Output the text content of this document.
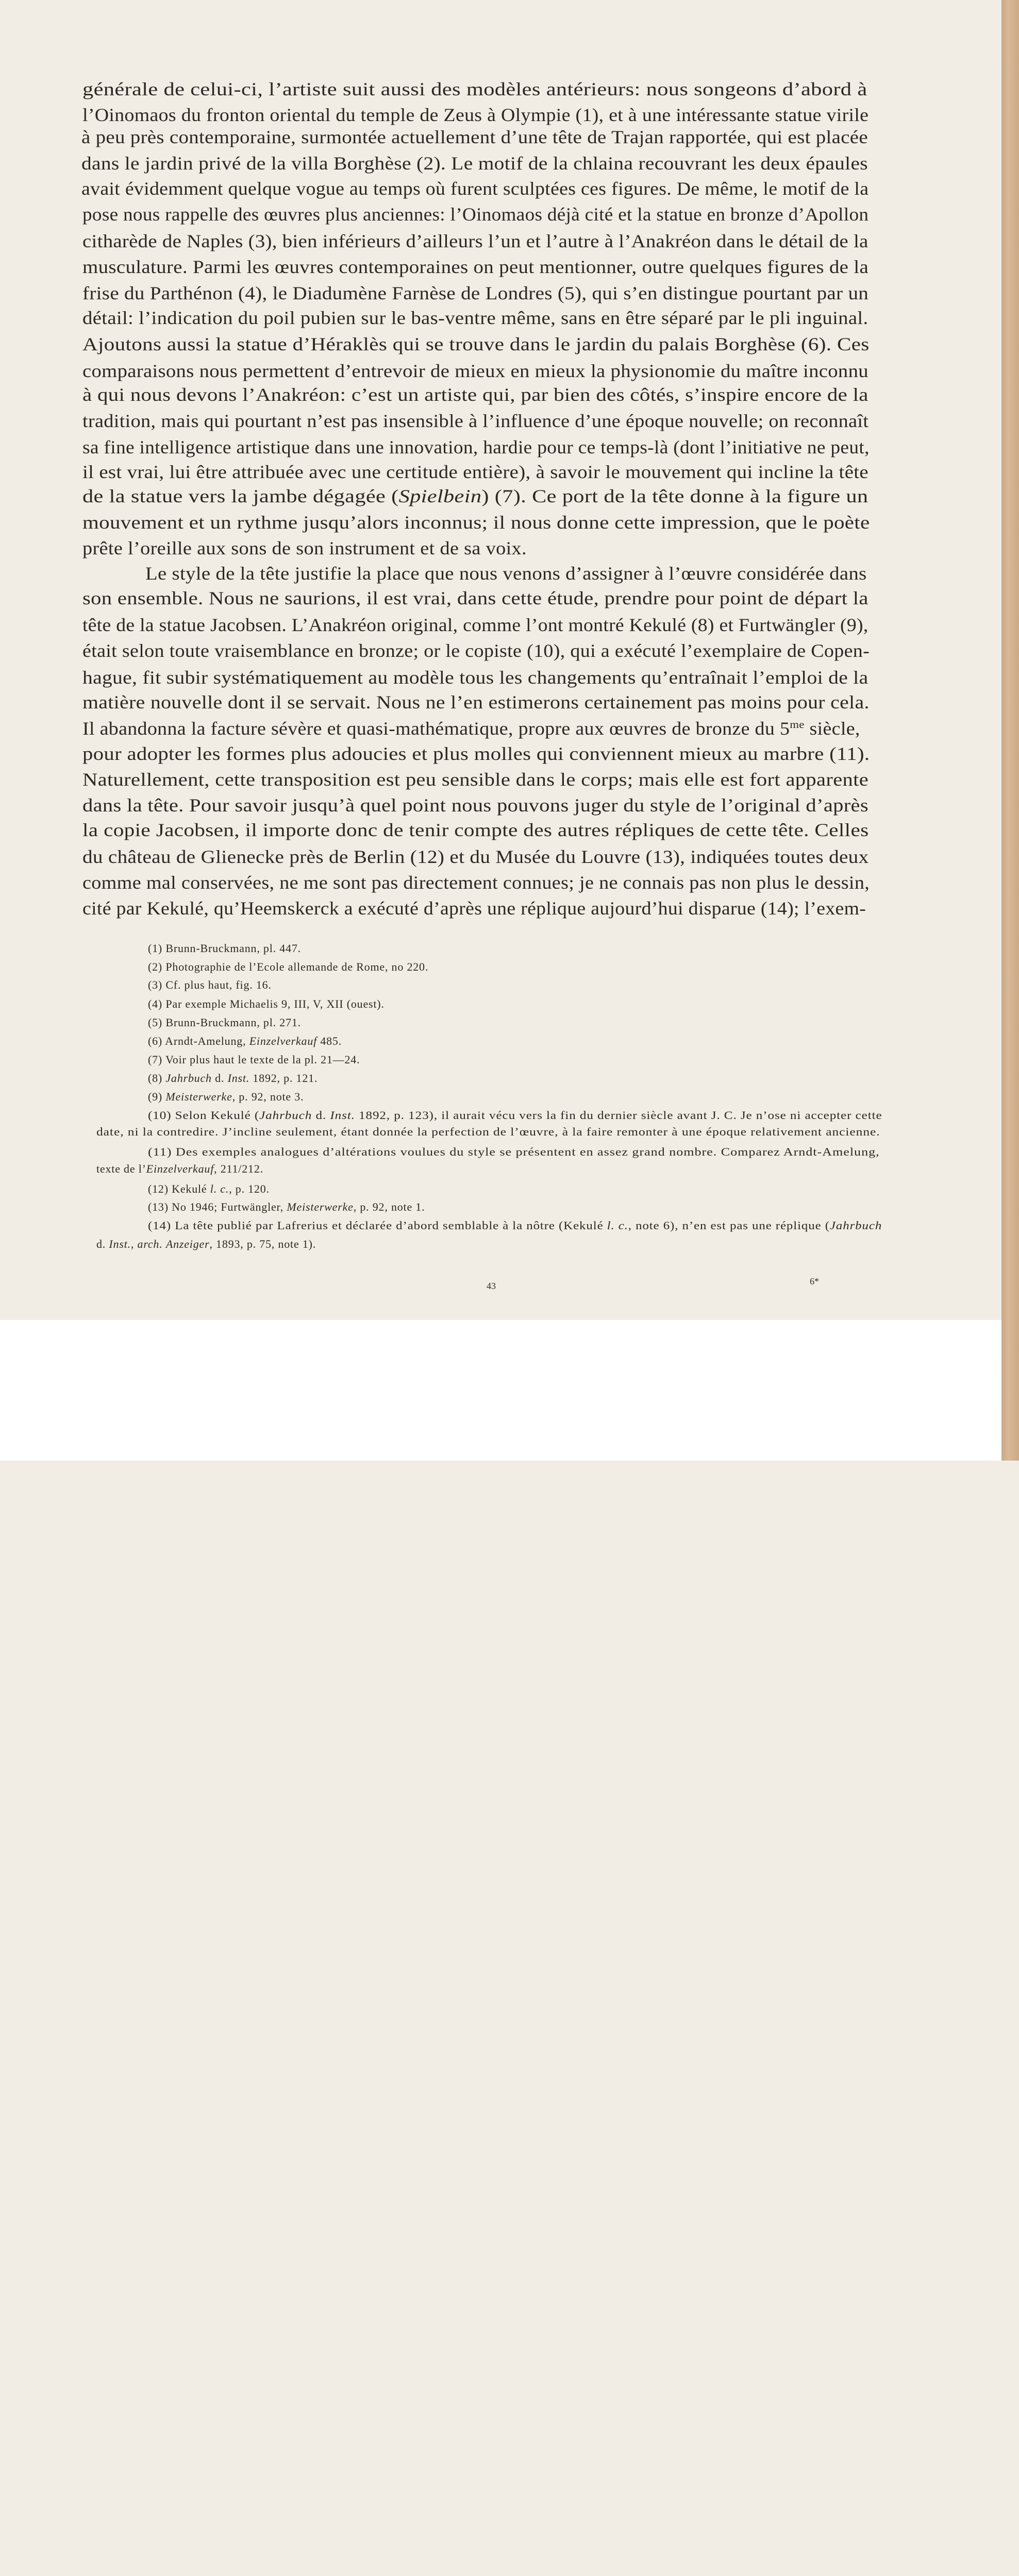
générale de celui-ci, l’artiste suit aussi des modèles antérieurs: nous songeons d’abord à
l’Oinomaos du fronton oriental du temple de Zeus à Olympie (1), et à une intéressante statue virile
à peu près contemporaine, surmontée actuellement d’une tête de Trajan rapportée, qui est placée
dans le jardin privé de la villa Borghèse (2). Le motif de la chlaina recouvrant les deux épaules
avait évidemment quelque vogue au temps où furent sculptées ces figures. De même, le motif de la
pose nous rappelle des œuvres plus anciennes: l’Oinomaos déjà cité et la statue en bronze d’Apollon
citharède de Naples (3), bien inférieurs d’ailleurs l’un et l’autre à l’Anakréon dans le détail de la
musculature. Parmi les œuvres contemporaines on peut mentionner, outre quelques figures de la
frise du Parthénon (4), le Diadumène Farnèse de Londres (5), qui s’en distingue pourtant par un
détail: l’indication du poil pubien sur le bas-ventre même, sans en être séparé par le pli inguinal.
Ajoutons aussi la statue d’Héraklès qui se trouve dans le jardin du palais Borghèse (6). Ces
comparaisons nous permettent d’entrevoir de mieux en mieux la physionomie du maître inconnu
à qui nous devons l’Anakréon: c’est un artiste qui, par bien des côtés, s’inspire encore de la
tradition, mais qui pourtant n’est pas insensible à l’influence d’une époque nouvelle; on reconnaît
sa fine intelligence artistique dans une innovation, hardie pour ce temps-là (dont l’initiative ne peut,
il est vrai, lui être attribuée avec une certitude entière), à savoir le mouvement qui incline la tête
de la statue vers la jambe dégagée (Spielbein) (7). Ce port de la tête donne à la figure un
mouvement et un rythme jusqu’alors inconnus; il nous donne cette impression, que le poète
prête l’oreille aux sons de son instrument et de sa voix.
Le style de la tête justifie la place que nous venons d’assigner à l’œuvre considérée dans
son ensemble. Nous ne saurions, il est vrai, dans cette étude, prendre pour point de départ la
tête de la statue Jacobsen. L’Anakréon original, comme l’ont montré Kekulé (8) et Furtwängler (9),
était selon toute vraisemblance en bronze; or le copiste (10), qui a exécuté l’exemplaire de Copen-
hague, fit subir systématiquement au modèle tous les changements qu’entraînait l’emploi de la
matière nouvelle dont il se servait. Nous ne l’en estimerons certainement pas moins pour cela.
Il abandonna la facture sévère et quasi-mathématique, propre aux œuvres de bronze du $5^{me}$ siècle,
pour adopter les formes plus adoucies et plus molles qui conviennent mieux au marbre (11).
Naturellement, cette transposition est peu sensible dans le corps; mais elle est fort apparente
dans la tête. Pour savoir jusqu’à quel point nous pouvons juger du style de l’original d’après
la copie Jacobsen, il importe donc de tenir compte des autres répliques de cette tête. Celles
du château de Glienecke près de Berlin (12) et du Musée du Louvre (13), indiquées toutes deux
comme mal conservées, ne me sont pas directement connues; je ne connais pas non plus le dessin,
cité par Kekulé, qu’Heemskerck a exécuté d’après une réplique aujourd’hui disparue (14); l’exem-
(1) Brunn-Bruckmann, pl. 447.
(2) Photographie de l’Ecole allemande de Rome, no 220.
(3) Cf. plus haut, fig. 16.
(4) Par exemple Michaelis 9, III, V, XII (ouest).
(5) Brunn-Bruckmann, pl. 271.
(6) Arndt-Amelung, Einzelverkauf 485.
(7) Voir plus haut le texte de la pl. 21—24.
(8) Jahrbuch d. Inst. 1892, p. 121.
(9) Meisterwerke, p. 92, note 3.
(10) Selon Kekulé (Jahrbuch d. Inst. 1892, p. 123), il aurait vécu vers la fin du dernier siècle avant J. C. Je n’ose ni accepter cette
date, ni la contredire. J’incline seulement, étant donnée la perfection de l’œuvre, à la faire remonter à une époque relativement ancienne.
(11) Des exemples analogues d’altérations voulues du style se présentent en assez grand nombre. Comparez Arndt-Amelung,
texte de l’Einzelverkauf, 211/212.
(12) Kekulé l. c., p. 120.
(13) No 1946; Furtwängler, Meisterwerke, p. 92, note 1.
(14) La tête publié par Lafrerius et déclarée d’abord semblable à la nôtre (Kekulé l. c., note 6), n’en est pas une réplique (Jahrbuch
d. Inst., arch. Anzeiger, 1893, p. 75, note 1).
43	6*
